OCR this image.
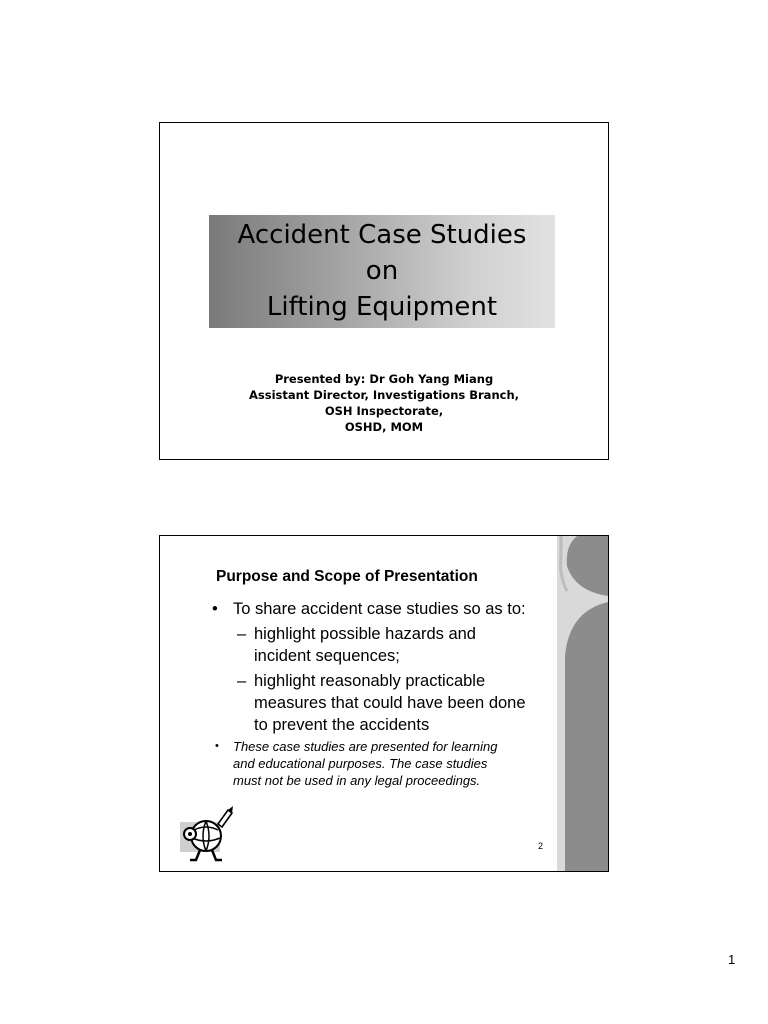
Accident Case Studies
on
Lifting Equipment
Presented by: Dr Goh Yang Miang
Assistant Director, Investigations Branch,
OSH Inspectorate,
OSHD, MOM
Purpose and Scope of Presentation
• To share accident case studies so as to:
– highlight possible hazards and
incident sequences;
– highlight reasonably practicable
measures that could have been done
to prevent the accidents
• These case studies are presented for learning
and educational purposes. The case studies
must not be used in any legal proceedings.
2
1
